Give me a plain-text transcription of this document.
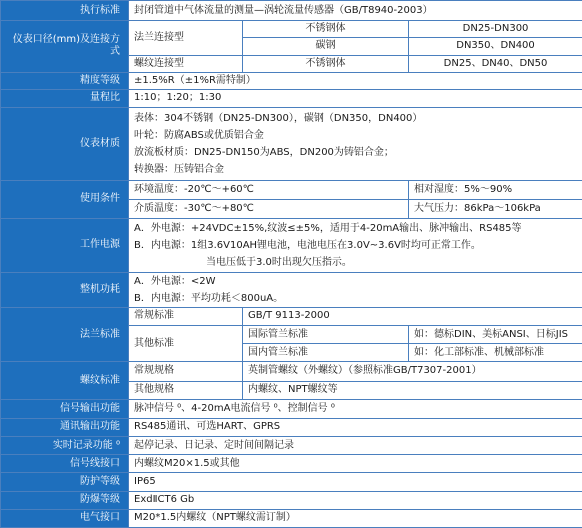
执行标准	封闭管道中气体流量的测量—涡轮流量传感器（GB/T8940-2003）		
仪表口径(mm)及连接方式	法兰连接型	不锈钢体	DN25-DN300
		碳钢	DN350、DN400
	螺纹连接型	不锈钢体	DN25、DN40、DN50
精度等级	±1.5%R（±1%R需特制）		
量程比	1:10；1:20；1:30		
仪表材质	表体：304不锈钢（DN25-DN300），碳钢（DN350，DN400）
叶轮：防腐ABS或优质铝合金
放流板材质：DN25-DN150为ABS，DN200为铸铝合金；
转换器：压铸铝合金		

使用条件	环境温度：-20℃～+60℃		相对湿度：5%～90%
	介质温度：-30℃～+80℃		大气压力：86kPa～106kPa
工作电源	A．外电源：+24VDC±15%,纹波≤±5%，适用于4-20mA输出、脉冲输出、RS485等
B．内电源：1组3.6V10AH锂电池，电池电压在3.0V~3.6V时均可正常工作。
当电压低于3.0时出现欠压指示。		

整机功耗	A．外电源：<2W
B．内电源：平均功耗＜800uA。		

法兰标准	常规标准	GB/T 9113-2000	
	其他标准	国际管兰标准	如：德标DIN、美标ANSI、日标JIS
		国内管兰标准	如：化工部标准、机械部标准
螺纹标准	常规规格	英制管螺纹（外螺纹）（参照标准GB/T7307-2001）	
	其他规格	内螺纹、NPT螺纹等	
信号输出功能	脉冲信号 ⁰、4-20mA电流信号 ⁰、控制信号 ⁰		
通讯输出功能	RS485通讯、可选HART、GPRS		
实时记录功能 ⁰	起停记录、日记录、定时间间隔记录		
信号线接口	内螺纹M20×1.5或其他		
防护等级	IP65		
防爆等级	ExdⅡCT6 Gb		
电气接口	M20*1.5内螺纹（NPT螺纹需订制）		
